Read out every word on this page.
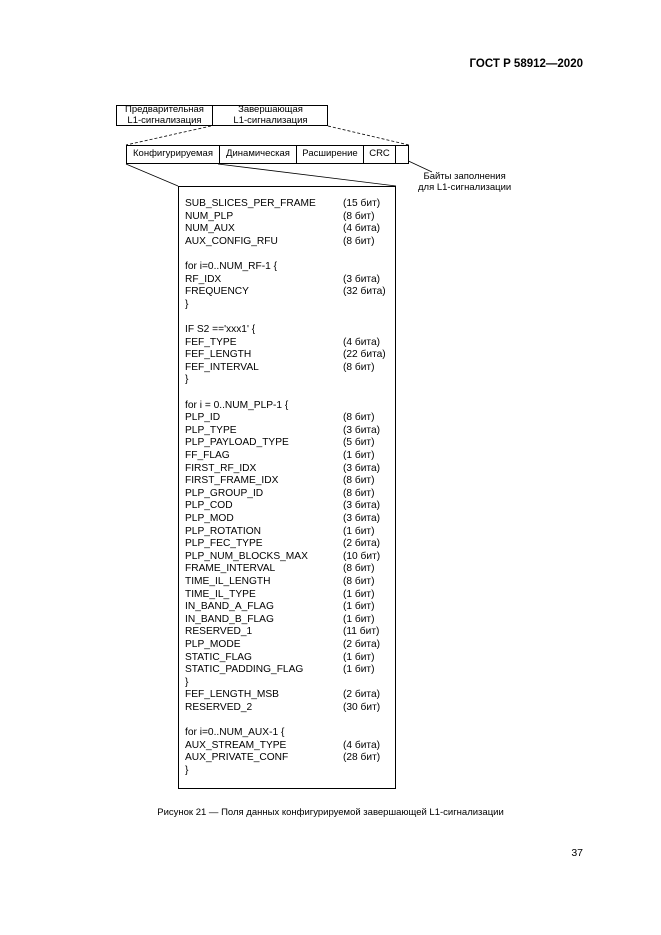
ГОСТ Р 58912—2020
Предварительная
L1-сигнализация
Завершающая
L1-сигнализация
Конфигурируемая	Динамическая	Расширение	CRC
Байты заполнения
для L1-сигнализации
SUB_SLICES_PER_FRAME	(15 бит)
NUM_PLP	(8 бит)
NUM_AUX	(4 бита)
AUX_CONFIG_RFU	(8 бит)
for i=0..NUM_RF-1 {
RF_IDX	(3 бита)
FREQUENCY	(32 бита)
}
IF S2 =='xxx1' {
FEF_TYPE	(4 бита)
FEF_LENGTH	(22 бита)
FEF_INTERVAL	(8 бит)
}
for i = 0..NUM_PLP-1 {
PLP_ID	(8 бит)
PLP_TYPE	(3 бита)
PLP_PAYLOAD_TYPE	(5 бит)
FF_FLAG	(1 бит)
FIRST_RF_IDX	(3 бита)
FIRST_FRAME_IDX	(8 бит)
PLP_GROUP_ID	(8 бит)
PLP_COD	(3 бита)
PLP_MOD	(3 бита)
PLP_ROTATION	(1 бит)
PLP_FEC_TYPE	(2 бита)
PLP_NUM_BLOCKS_MAX	(10 бит)
FRAME_INTERVAL	(8 бит)
TIME_IL_LENGTH	(8 бит)
TIME_IL_TYPE	(1 бит)
IN_BAND_A_FLAG	(1 бит)
IN_BAND_B_FLAG	(1 бит)
RESERVED_1	(11 бит)
PLP_MODE	(2 бита)
STATIC_FLAG	(1 бит)
STATIC_PADDING_FLAG	(1 бит)
}
FEF_LENGTH_MSB	(2 бита)
RESERVED_2	(30 бит)
for i=0..NUM_AUX-1 {
AUX_STREAM_TYPE	(4 бита)
AUX_PRIVATE_CONF	(28 бит)
}
Рисунок 21 — Поля данных конфигурируемой завершающей L1-сигнализации
37
